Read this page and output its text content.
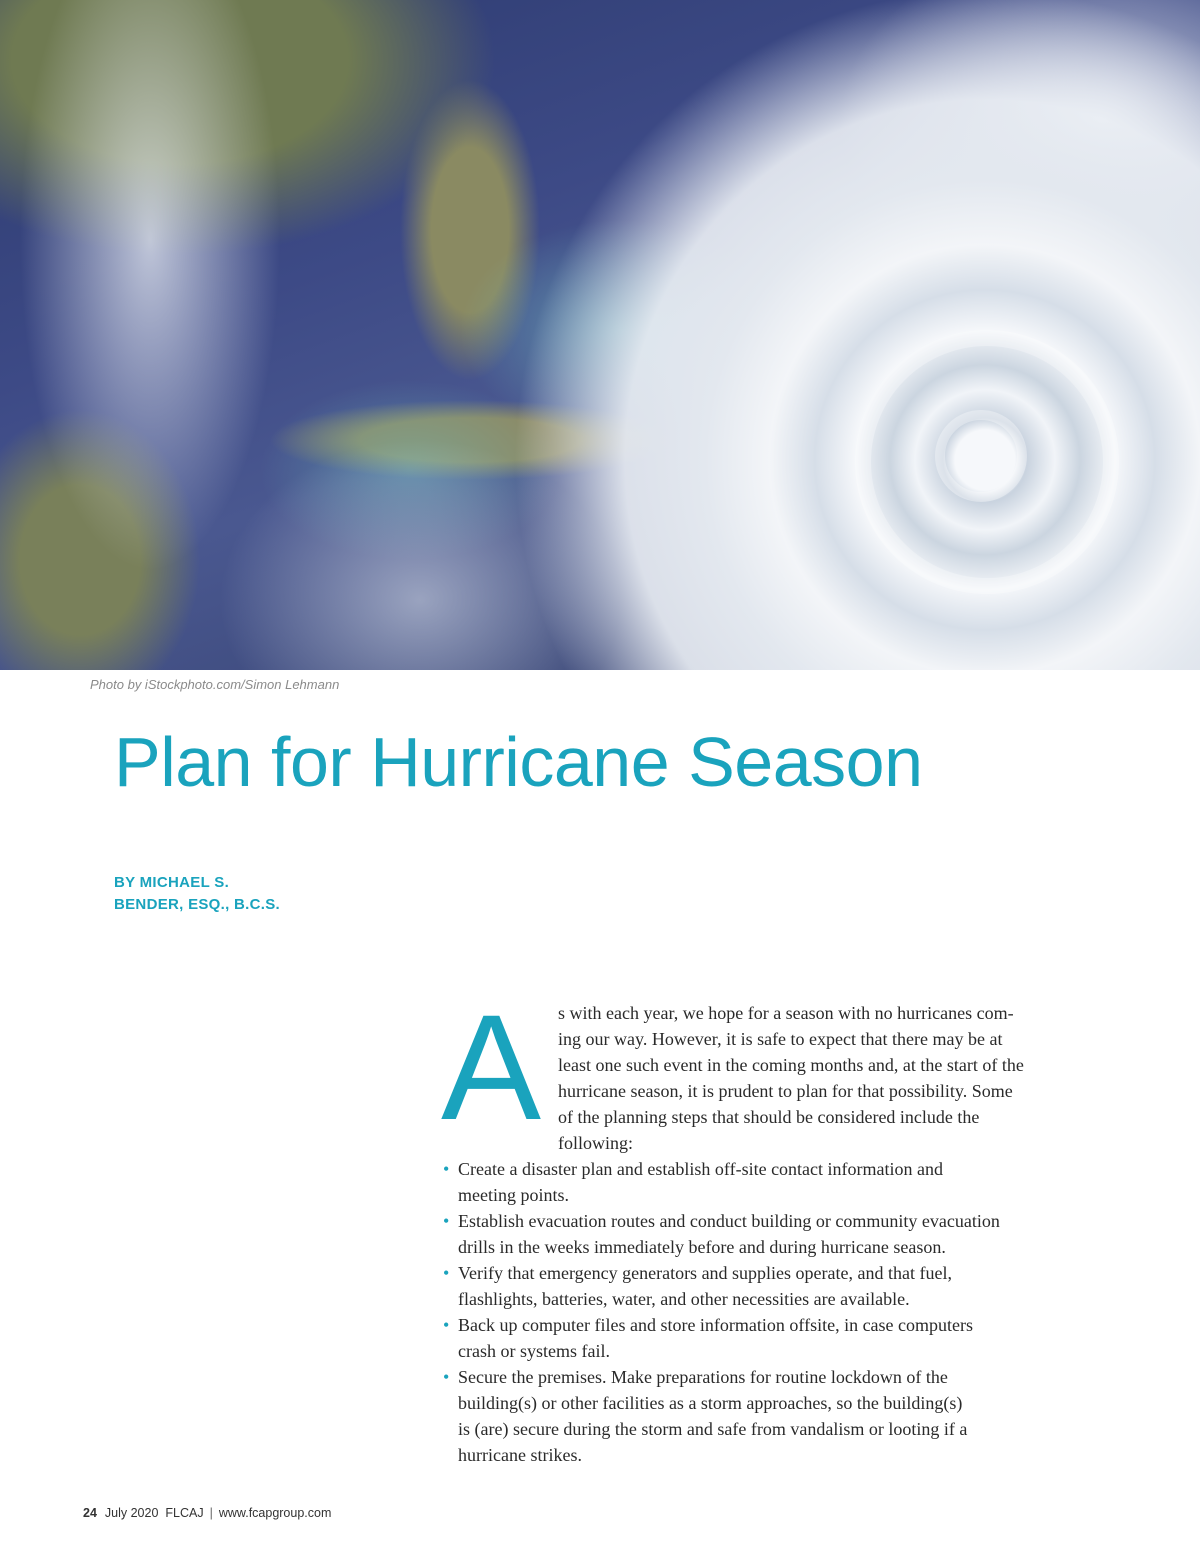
Photo by iStockphoto.com/Simon Lehmann
Plan for Hurricane Season
BY MICHAEL S.
BENDER, ESQ., B.C.S.
A s with each year, we hope for a season with no hurricanes com-
ing our way. However, it is safe to expect that there may be at
least one such event in the coming months and, at the start of the
hurricane season, it is prudent to plan for that possibility. Some
of the planning steps that should be considered include the
following:
• Create a disaster plan and establish off-site contact information and
meeting points.
• Establish evacuation routes and conduct building or community evacuation
drills in the weeks immediately before and during hurricane season.
• Verify that emergency generators and supplies operate, and that fuel,
flashlights, batteries, water, and other necessities are available.
• Back up computer files and store information offsite, in case computers
crash or systems fail.
• Secure the premises. Make preparations for routine lockdown of the
building(s) or other facilities as a storm approaches, so the building(s)
is (are) secure during the storm and safe from vandalism or looting if a
hurricane strikes.
24 July 2020  FLCAJ | www.fcapgroup.com
